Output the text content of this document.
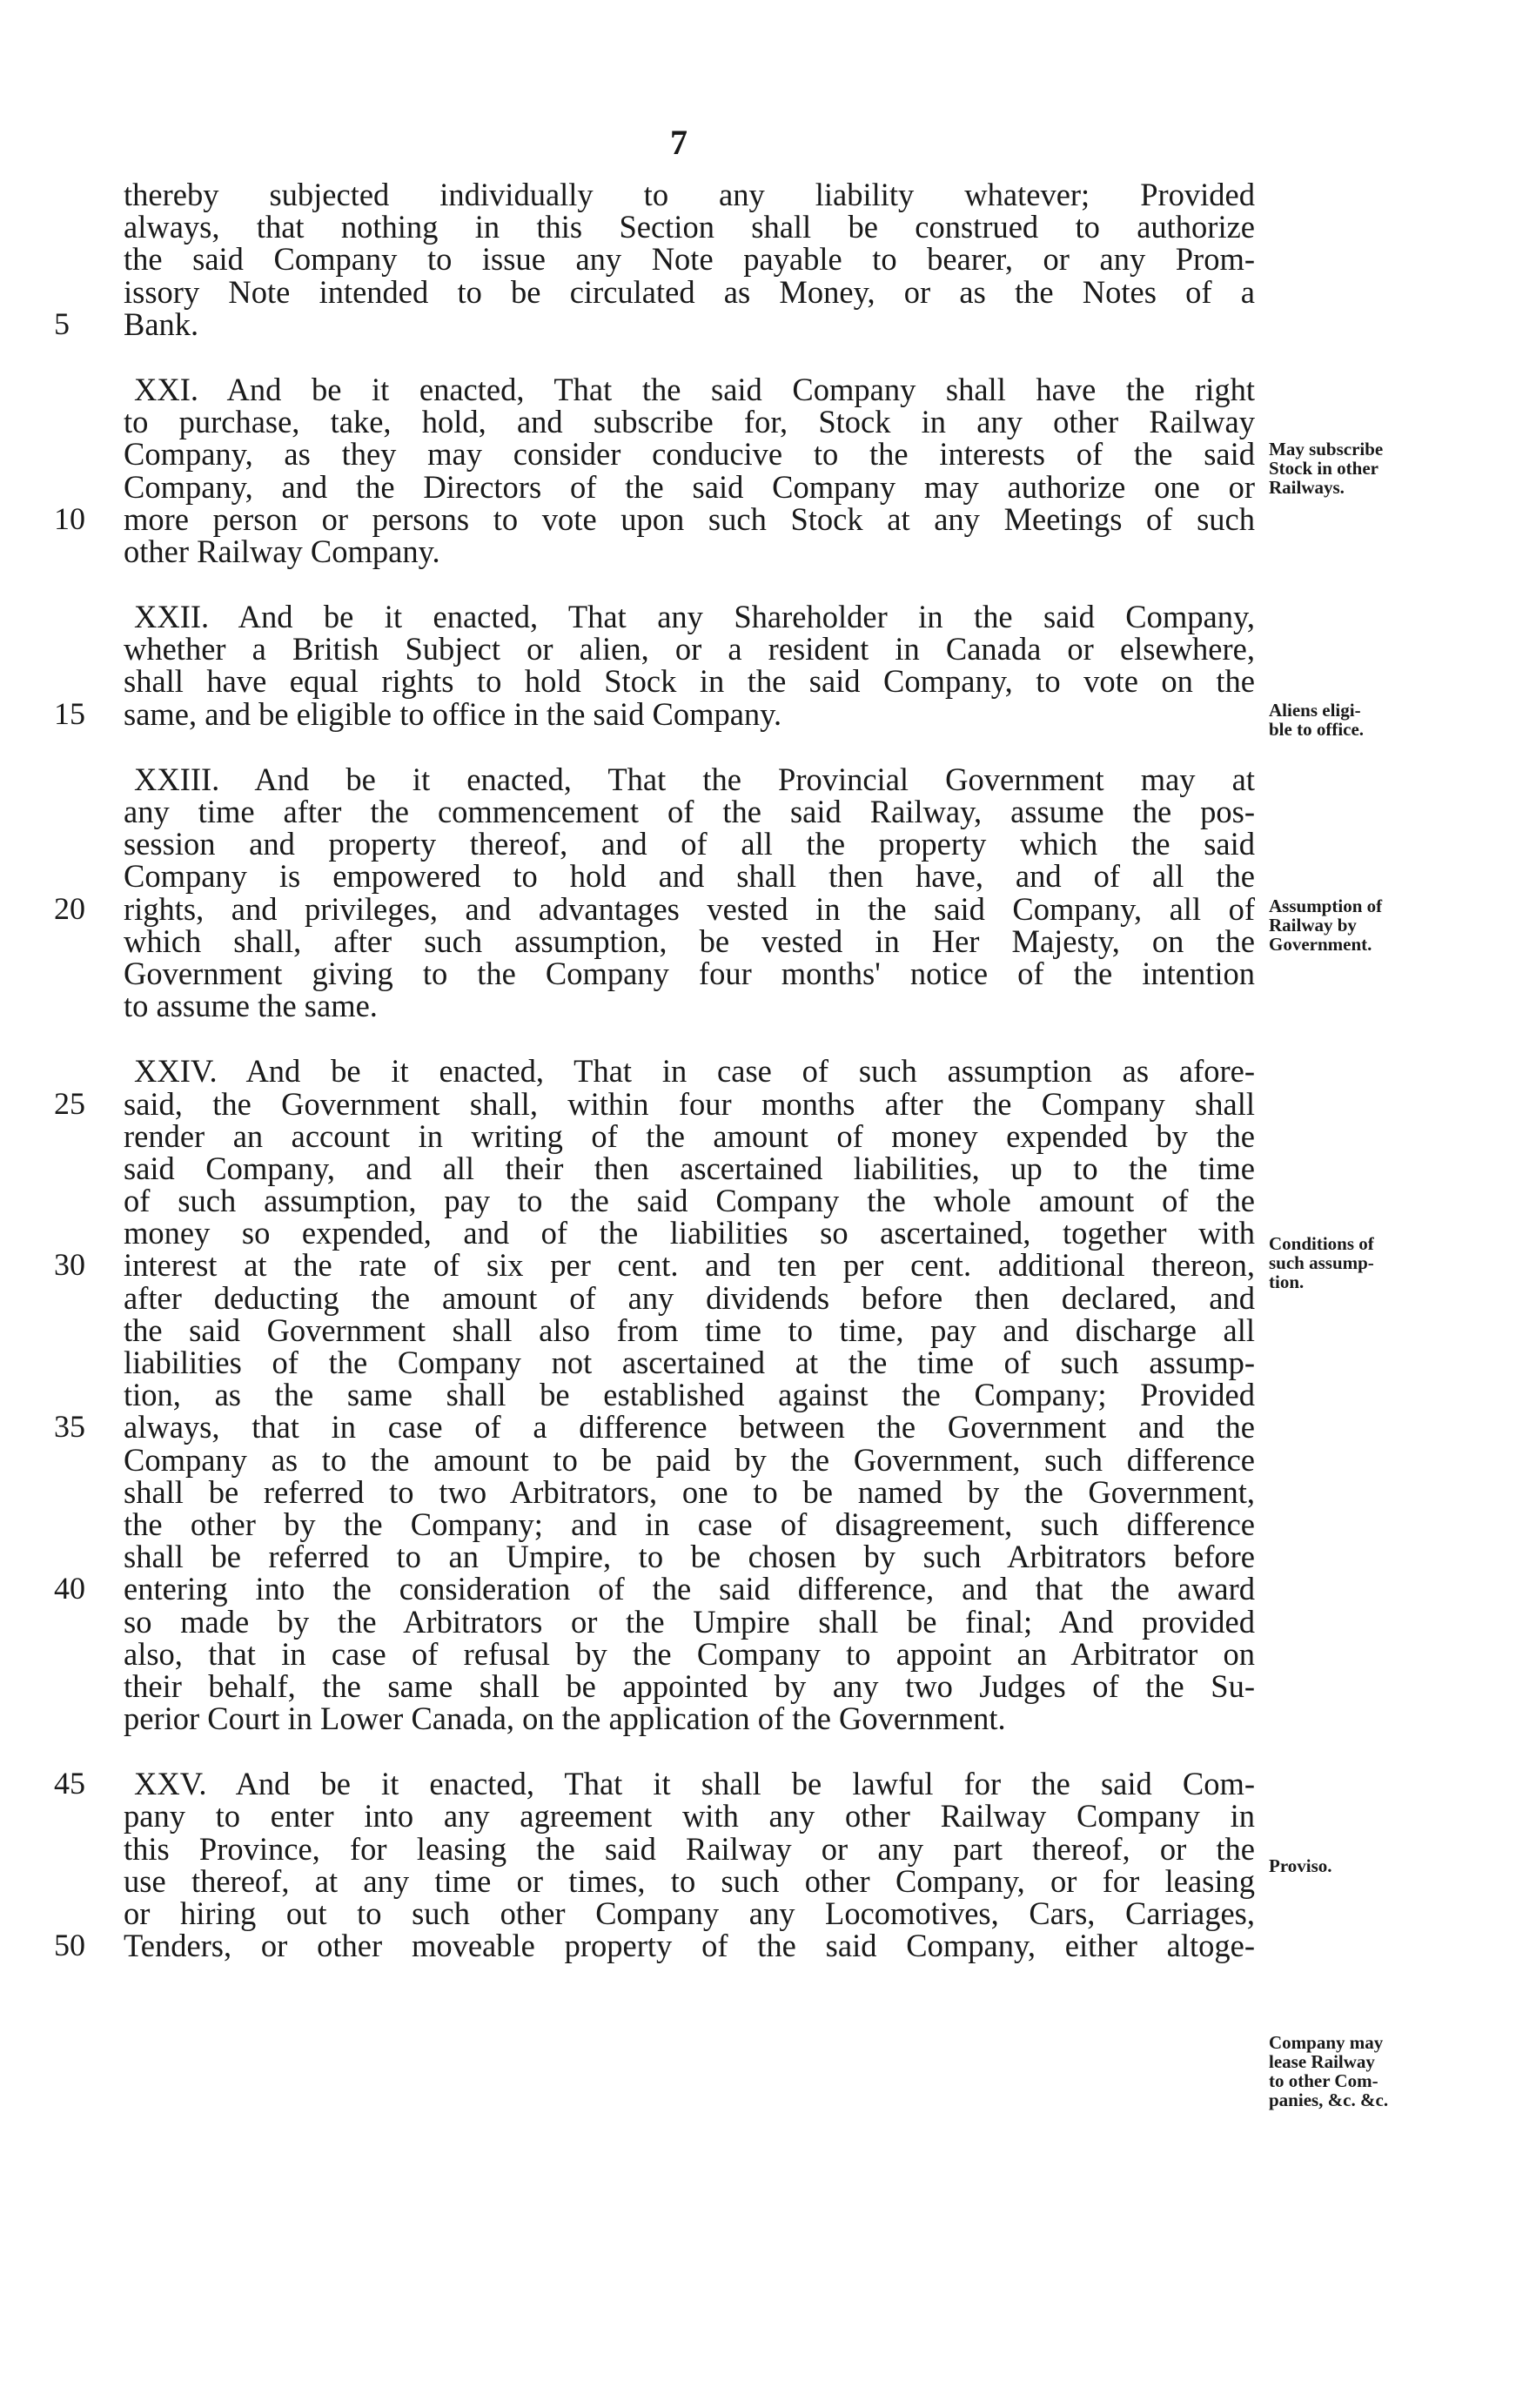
7
thereby subjected individually to any liability whatever; Provided
always, that nothing in this Section shall be construed to authorize
the said Company to issue any Note payable to bearer, or any Prom-
issory Note intended to be circulated as Money, or as the Notes of a
5	Bank.
XXI. And be it enacted, That the said Company shall have the right
to purchase, take, hold, and subscribe for, Stock in any other Railway
Company, as they may consider conducive to the interests of the said
Company, and the Directors of the said Company may authorize one or
10	more person or persons to vote upon such Stock at any Meetings of such
other Railway Company.
XXII. And be it enacted, That any Shareholder in the said Company,
whether a British Subject or alien, or a resident in Canada or elsewhere,
shall have equal rights to hold Stock in the said Company, to vote on the
15	same, and be eligible to office in the said Company.
XXIII. And be it enacted, That the Provincial Government may at
any time after the commencement of the said Railway, assume the pos-
session and property thereof, and of all the property which the said
Company is empowered to hold and shall then have, and of all the
20	rights, and privileges, and advantages vested in the said Company, all of
which shall, after such assumption, be vested in Her Majesty, on the
Government giving to the Company four months' notice of the intention
to assume the same.
XXIV. And be it enacted, That in case of such assumption as afore-
25	said, the Government shall, within four months after the Company shall
render an account in writing of the amount of money expended by the
said Company, and all their then ascertained liabilities, up to the time
of such assumption, pay to the said Company the whole amount of the
money so expended, and of the liabilities so ascertained, together with
30	interest at the rate of six per cent. and ten per cent. additional thereon,
after deducting the amount of any dividends before then declared, and
the said Government shall also from time to time, pay and discharge all
liabilities of the Company not ascertained at the time of such assump-
tion, as the same shall be established against the Company; Provided
35	always, that in case of a difference between the Government and the
Company as to the amount to be paid by the Government, such difference
shall be referred to two Arbitrators, one to be named by the Government,
the other by the Company; and in case of disagreement, such difference
shall be referred to an Umpire, to be chosen by such Arbitrators before
40	entering into the consideration of the said difference, and that the award
so made by the Arbitrators or the Umpire shall be final; And provided
also, that in case of refusal by the Company to appoint an Arbitrator on
their behalf, the same shall be appointed by any two Judges of the Su-
perior Court in Lower Canada, on the application of the Government.
45	XXV. And be it enacted, That it shall be lawful for the said Com-
pany to enter into any agreement with any other Railway Company in
this Province, for leasing the said Railway or any part thereof, or the
use thereof, at any time or times, to such other Company, or for leasing
or hiring out to such other Company any Locomotives, Cars, Carriages,
50	Tenders, or other moveable property of the said Company, either altoge-
May subscribe
Stock in other
Railways.
Aliens eligi-
ble to office.
Assumption of
Railway by
Government.
Conditions of
such assump-
tion.
Proviso.
Company may
lease Railway
to other Com-
panies, &c. &c.
